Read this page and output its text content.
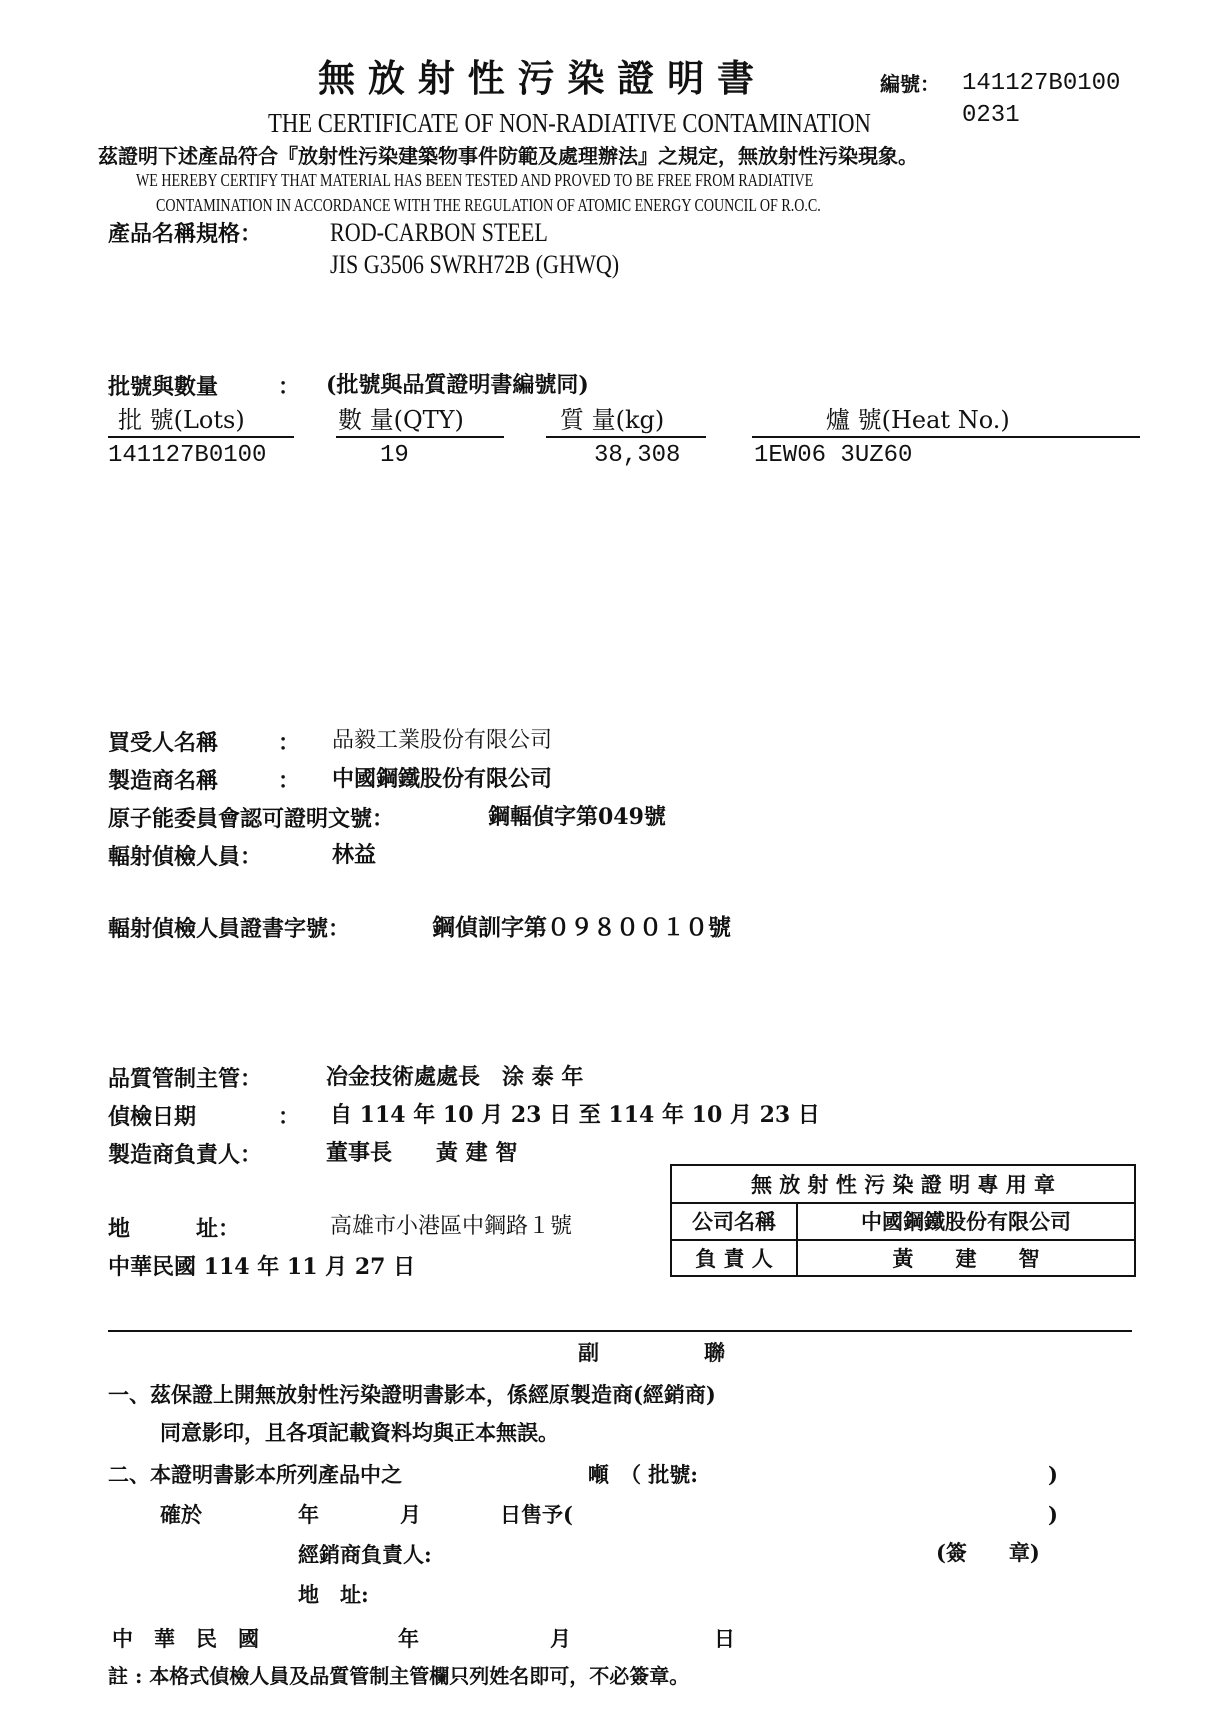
無 放 射 性 污 染 證 明 書	編號： 141127B0100
0231
THE CERTIFICATE OF NON-RADIATIVE CONTAMINATION
茲證明下述產品符合『放射性污染建築物事件防範及處理辦法』之規定，無放射性污染現象。
WE HEREBY CERTIFY THAT MATERIAL HAS BEEN TESTED AND PROVED TO BE FREE FROM RADIATIVE
CONTAMINATION IN ACCORDANCE WITH THE REGULATION OF ATOMIC ENERGY COUNCIL OF R.O.C.
產品名稱規格：	ROD-CARBON STEEL
JIS G3506 SWRH72B (GHWQ)
批號與數量	： (批號與品質證明書編號同)
批 號(Lots)	數 量(QTY)	質 量(kg)	爐 號(Heat No.)
141127B0100	19	38,308	1EW06 3UZ60
買受人名稱	： 品毅工業股份有限公司
製造商名稱	： 中國鋼鐵股份有限公司
原子能委員會認可證明文號：	鋼輻偵字第049號
輻射偵檢人員：	林益
輻射偵檢人員證書字號：	鋼偵訓字第０９８００１０號
品質管制主管：	冶金技術處處長　涂 泰 年
偵檢日期	： 自 114 年 10 月 23 日 至 114 年 10 月 23 日
製造商負責人：	董事長　　黃 建 智
地　　　址：	高雄市小港區中鋼路１號
中華民國 114 年 11 月 27 日
無 放 射 性 污 染 證 明 專 用 章
公司名稱	中國鋼鐵股份有限公司
負 責 人	黃　　建　　智
副　　　　　聯
一、茲保證上開無放射性污染證明書影本，係經原製造商(經銷商)
同意影印，且各項記載資料均與正本無誤。
二、本證明書影本所列產品中之	噸 （ 批號:	)
確於	年	月	日售予(	)
經銷商負責人:	(簽　　章)
地　址:
中　華　民　國	年	月	日
註 : 本格式偵檢人員及品質管制主管欄只列姓名即可，不必簽章。
